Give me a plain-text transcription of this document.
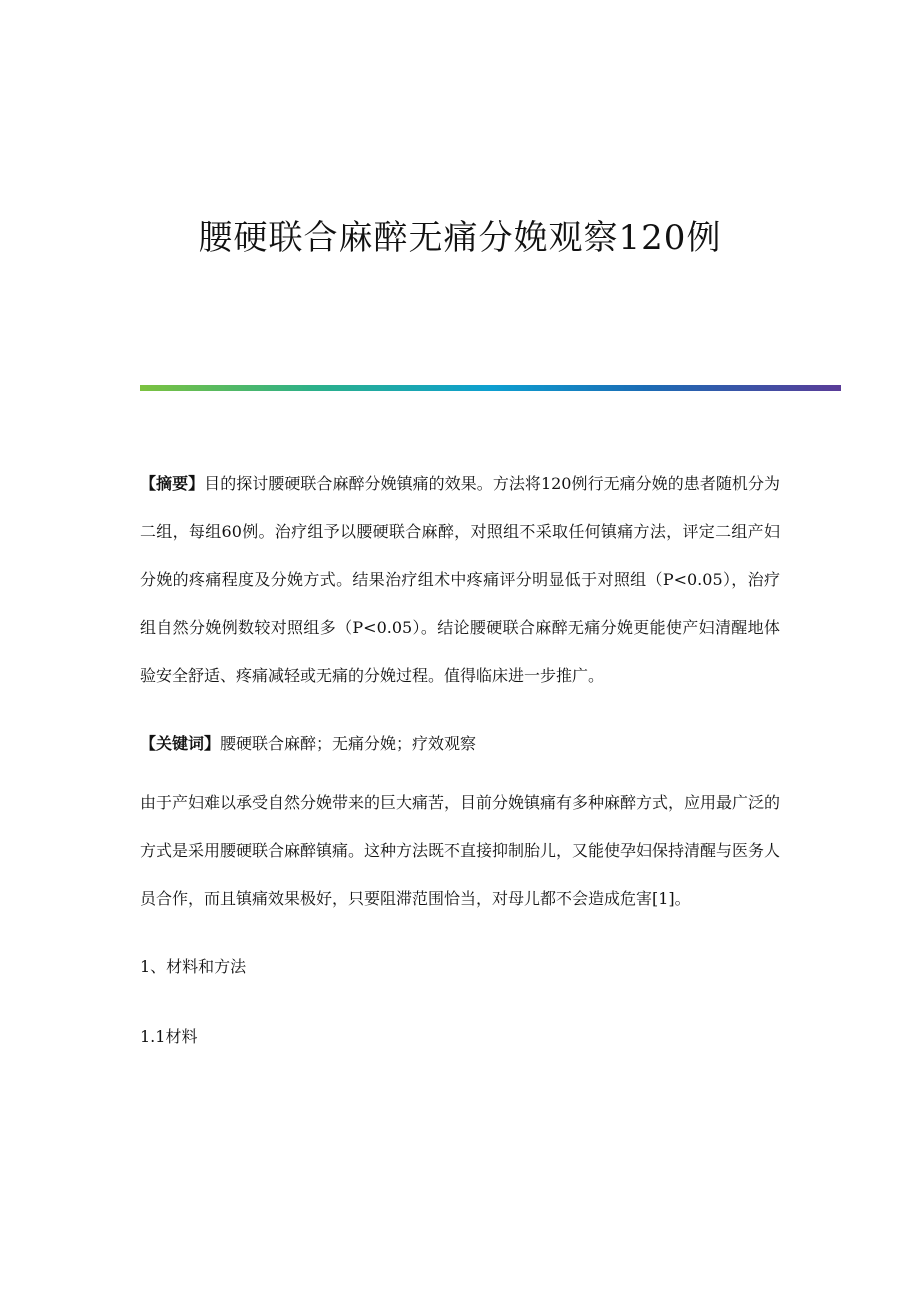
腰硬联合麻醉无痛分娩观察120例

【摘要】目的探讨腰硬联合麻醉分娩镇痛的效果。方法将120例行无痛分娩的患者随机分为二组，每组60例。治疗组予以腰硬联合麻醉，对照组不采取任何镇痛方法，评定二组产妇分娩的疼痛程度及分娩方式。结果治疗组术中疼痛评分明显低于对照组（P<0.05），治疗组自然分娩例数较对照组多（P<0.05）。结论腰硬联合麻醉无痛分娩更能使产妇清醒地体验安全舒适、疼痛减轻或无痛的分娩过程。值得临床进一步推广。

【关键词】腰硬联合麻醉；无痛分娩；疗效观察

由于产妇难以承受自然分娩带来的巨大痛苦，目前分娩镇痛有多种麻醉方式，应用最广泛的方式是采用腰硬联合麻醉镇痛。这种方法既不直接抑制胎儿，又能使孕妇保持清醒与医务人员合作，而且镇痛效果极好，只要阻滞范围恰当，对母儿都不会造成危害[1]。

1、材料和方法

1.1材料
